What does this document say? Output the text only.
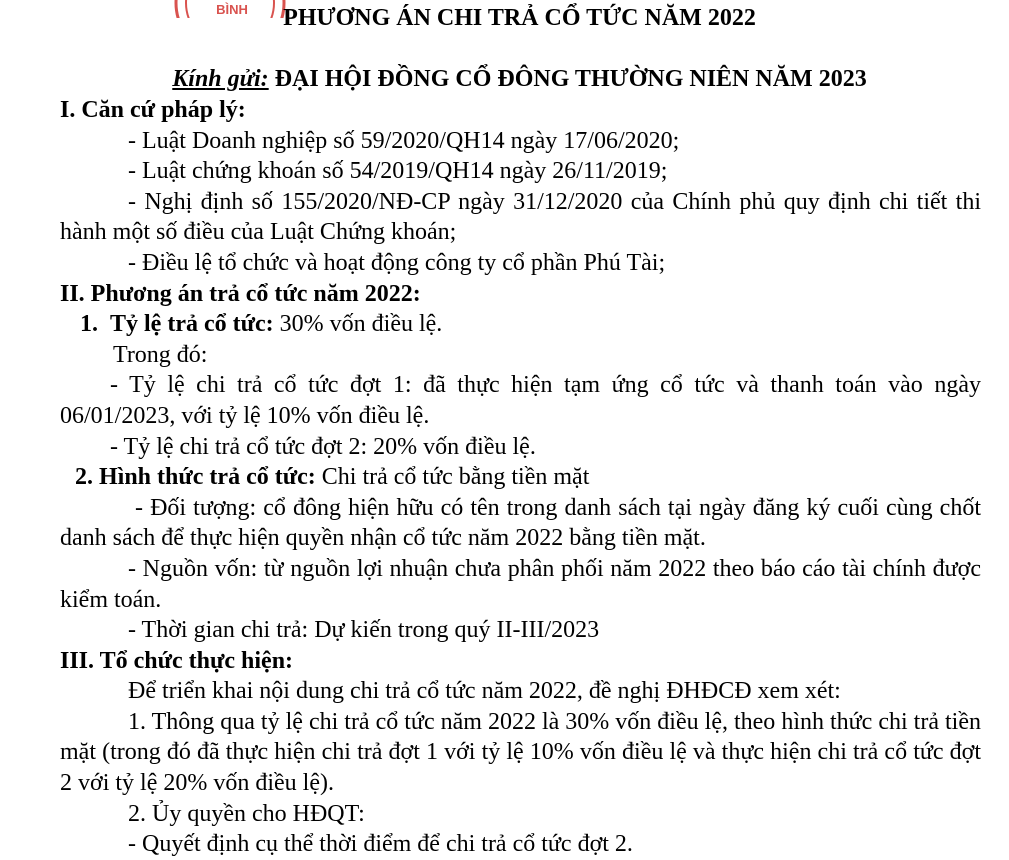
BÌNH	PHƯƠNG ÁN CHI TRẢ CỔ TỨC NĂM 2022
Kính gửi: ĐẠI HỘI ĐỒNG CỔ ĐÔNG THƯỜNG NIÊN NĂM 2023

I. Căn cứ pháp lý:

- Luật Doanh nghiệp số 59/2020/QH14 ngày 17/06/2020;

- Luật chứng khoán số 54/2019/QH14 ngày 26/11/2019;

- Nghị định số 155/2020/NĐ-CP ngày 31/12/2020 của Chính phủ quy định chi tiết thi hành một số điều của Luật Chứng khoán;

- Điều lệ tổ chức và hoạt động công ty cổ phần Phú Tài;

II. Phương án trả cổ tức năm 2022:

1. Tỷ lệ trả cổ tức: 30% vốn điều lệ.

Trong đó:

- Tỷ lệ chi trả cổ tức đợt 1: đã thực hiện tạm ứng cổ tức và thanh toán vào ngày 06/01/2023, với tỷ lệ 10% vốn điều lệ.

- Tỷ lệ chi trả cổ tức đợt 2: 20% vốn điều lệ.

2. Hình thức trả cổ tức: Chi trả cổ tức bằng tiền mặt

- Đối tượng: cổ đông hiện hữu có tên trong danh sách tại ngày đăng ký cuối cùng chốt danh sách để thực hiện quyền nhận cổ tức năm 2022 bằng tiền mặt.

- Nguồn vốn: từ nguồn lợi nhuận chưa phân phối năm 2022 theo báo cáo tài chính được kiểm toán.

- Thời gian chi trả: Dự kiến trong quý II-III/2023

III. Tổ chức thực hiện:

Để triển khai nội dung chi trả cổ tức năm 2022, đề nghị ĐHĐCĐ xem xét:

1. Thông qua tỷ lệ chi trả cổ tức năm 2022 là 30% vốn điều lệ, theo hình thức chi trả tiền mặt (trong đó đã thực hiện chi trả đợt 1 với tỷ lệ 10% vốn điều lệ và thực hiện chi trả cổ tức đợt 2 với tỷ lệ 20% vốn điều lệ).

2. Ủy quyền cho HĐQT:

- Quyết định cụ thể thời điểm để chi trả cổ tức đợt 2.
